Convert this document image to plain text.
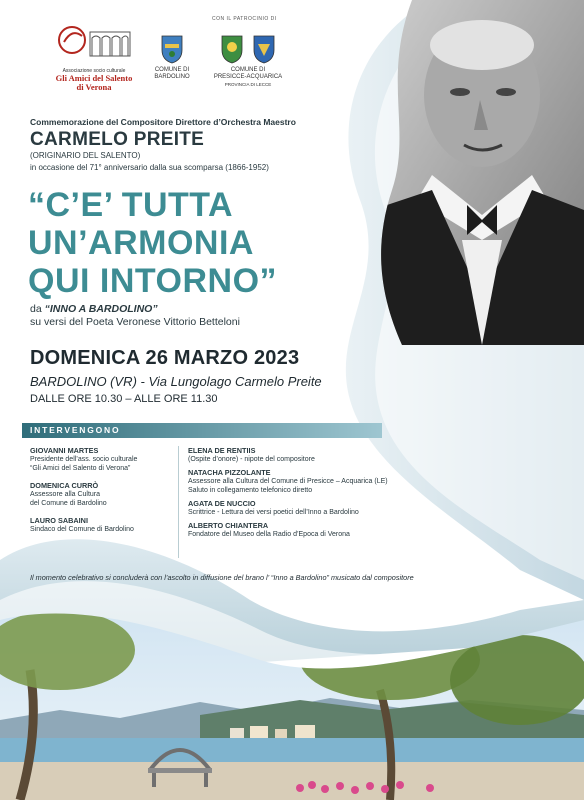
Associazione socio culturale
Gli Amici del Salento
di Verona
CON IL PATROCINIO DI
COMUNE DI
BARDOLINO
COMUNE DI
PRESICCE-ACQUARICA
PROVINCIA DI LECCE
Commemorazione del Compositore Direttore d’Orchestra Maestro
CARMELO PREITE
(ORIGINARIO DEL SALENTO)
in occasione del 71° anniversario dalla sua scomparsa (1866-1952)
“C’E’ TUTTA
UN’ARMONIA
QUI INTORNO”
da “INNO A BARDOLINO”
su versi del Poeta Veronese Vittorio Betteloni
DOMENICA 26 MARZO 2023
BARDOLINO (VR) - Via Lungolago Carmelo Preite
DALLE ORE 10.30 – ALLE ORE 11.30
INTERVENGONO
GIOVANNI MARTES
Presidente dell’ass. socio culturale
“Gli Amici del Salento di Verona”
DOMENICA CURRÒ
Assessore alla Cultura
del Comune di Bardolino
LAURO SABAINI
Sindaco del Comune di Bardolino
ELENA DE RENTIIS
(Ospite d’onore) - nipote del compositore
NATACHA PIZZOLANTE
Assessore alla Cultura del Comune di Presicce – Acquarica (LE)
Saluto in collegamento telefonico diretto
AGATA DE NUCCIO
Scrittrice - Lettura dei versi poetici dell’Inno a Bardolino
ALBERTO CHIANTERA
Fondatore del Museo della Radio d’Epoca di Verona
Il momento celebrativo si concluderà con l’ascolto in diffusione del brano l’ “Inno a Bardolino” musicato dal compositore
